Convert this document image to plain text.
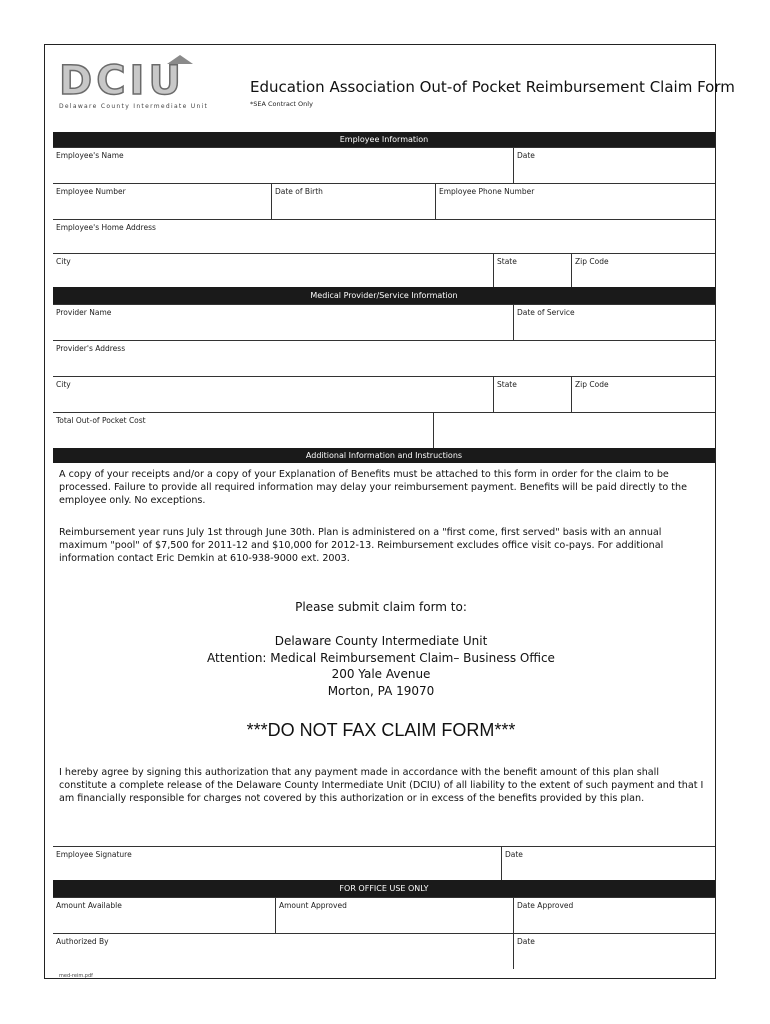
DCIU
Delaware County Intermediate Unit
Education Association Out-of Pocket Reimbursement Claim Form
*SEA Contract Only
Employee Information
Employee's Name	Date
Employee Number	Date of Birth	Employee Phone Number
Employee's Home Address
City	State	Zip Code
Medical Provider/Service Information
Provider Name	Date of Service
Provider's Address
City	State	Zip Code
Total Out-of Pocket Cost
Additional Information and Instructions
A copy of your receipts and/or a copy of your Explanation of Benefits must be attached to this form in order for the claim to be processed. Failure to provide all required information may delay your reimbursement payment. Benefits will be paid directly to the employee only. No exceptions.
Reimbursement year runs July 1st through June 30th. Plan is administered on a "first come, first served" basis with an annual maximum "pool" of $7,500 for 2011-12 and $10,000 for 2012-13. Reimbursement excludes office visit co-pays. For additional information contact Eric Demkin at 610-938-9000 ext. 2003.
Please submit claim form to:
Delaware County Intermediate Unit
Attention: Medical Reimbursement Claim– Business Office
200 Yale Avenue
Morton, PA 19070
***DO NOT FAX CLAIM FORM***
I hereby agree by signing this authorization that any payment made in accordance with the benefit amount of this plan shall constitute a complete release of the Delaware County Intermediate Unit (DCIU) of all liability to the extent of such payment and that I am financially responsible for charges not covered by this authorization or in excess of the benefits provided by this plan.
Employee Signature	Date
FOR OFFICE USE ONLY
Amount Available	Amount Approved	Date Approved
Authorized By	Date
med-reim.pdf
